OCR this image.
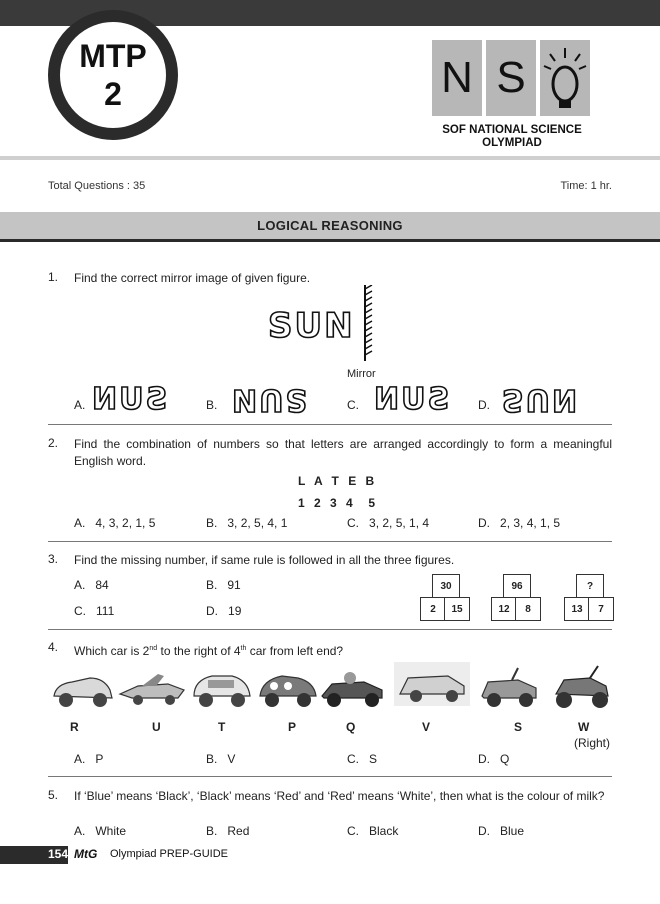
MTP
2	N S
SOF NATIONAL SCIENCE
OLYMPIAD
Total Questions : 35	Time: 1 hr.
LOGICAL REASONING
1. Find the correct mirror image of given figure.
SUN
Mirror
A. SUN	B. SUN	C. SUN D. SUN
2. Find the combination of numbers so that letters are arranged accordingly to form a meaningful English word.
L A T E B
1 2 3 4  5
A. 4, 3, 2, 1, 5	B. 3, 2, 5, 4, 1	C. 3, 2, 5, 1, 4	D. 2, 3, 4, 1, 5
3. Find the missing number, if same rule is followed in all the three figures.
A. 84	B. 91
C. 111	D. 19
30
2	15
96
12	8
?
13	7
4. Which car is 2nd to the right of 4th car from left end?
R	U	T	P	Q	V	S	W
(Right)
A. P	B. V	C. S	D. Q
5. If ‘Blue’ means ‘Black’, ‘Black’ means ‘Red’ and ‘Red’ means ‘White’, then what is the colour of milk?
A. White	B. Red	C. Black	D. Blue
154 MtG Olympiad PREP-GUIDE
